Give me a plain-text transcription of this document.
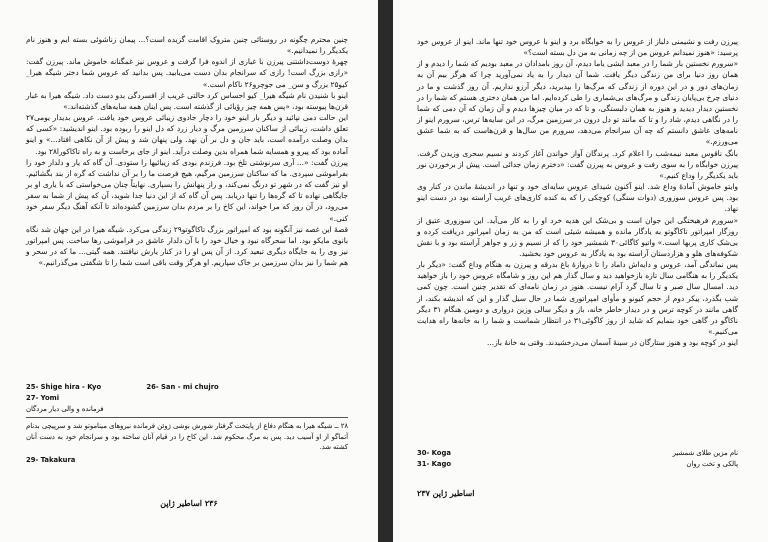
چنین محترم چگونه در روستائی چنین متروک اقامت گزیده است؟... پیمان زناشوئی بسته ایم و هنوز نام یکدیگر را نمیدانیم.»

چهرهٔ دوست‌داشتنی پیرزن با غباری از اندوه فرا گرفت و عروس نیز غمگنانه خاموش ماند. پیرزن گفت: «رازی بزرگ است! رازی که سرانجام بدان دست می‌یابید. پس بدانید که عروس شما دختر شیگه هیرا_ کیو۲۵ بزرگ و سن_ می جوچرو۲۶ ناکام است.»

اینو با شنیدن نام شیگه هیرا_ کیو احساس کرد حالتی غریب از افسردگی بدو دست داد. شیگه هیرا به غبار قرن‌ها پیوسته بود، «پس همه چیز رؤیائی از گذشته است. پس اینان همه سایه‌های گذشته‌اند.»

این حالت دمی نپائید و دیگر بار اینو خود را دچار جادوی زیبائی عروس خود یافت. عروس بدیدار یومی۲۷ تعلق داشت، زیبائی از ساکنان سرزمین مرگ و دیار زرد که دل اینو را ربوده بود. اینو اندیشید: «کسی که بدان وصلت درآمده است، باید جان و دل بر آن نهد. ولی پنهان شد و پیش از آن نکاهی افتاد...» و اینو آماده بود که پیرو و همسایه شما همراه بدین وصلت درآید. اینو از جای برخاست و به راه تاکاکورا۲۸ بود.

پیرزن گفت: «... آری سرنوشتی تلخ بود. فرزندم بودی که زیبائیها را ستودی. آن گاه که یار و دلدار خود را بفراموشی سپردی. ما که ساکنان سرزمین مرگیم، هیچ فرصت ما را بر آن نداشت که گره از بند بگشائیم. او نیز گفت که در شهر تو درنگ نمی‌کند، و راز پنهانش را بسپاری. نهایتاً چنان می‌خواستی که با یاری او بر جایگاهی نهاده تا که گره‌ها را تنها دریابد. پس آن گاه که از این دنیا جدا شوید، آن که پیش از شما به سفر می‌رود، در آن روز که مرا خواند، این کاخ را بر مردم بدان سرزمین گشوده‌اند تا آنکه آهنگ دیگر سفر خود کنی.»

قصهٔ این غصه نیز آنگونه بود که امپراتور بزرگ تاکاگوتو۲۹ زندگی می‌کرد. شیگه هیرا در این جهان شد نگاه بانوی مایکو بود. اما سحرگاه نبود و خیال خود را با آن دلدار عاشق در فراموشی رها ساخت. پس امپراتور نیز وی را به جایگاه دیگری تبعید کرد. از آن پس او را در کنار یارش نیافتند. همه گیتی... ما که در سحر و هم شما را نیز بدان سرزمین بر خاک سپاریم. او هرگز وقت باقی است شما را تا شگفتی می‌گذرانیم.»

25- Shige hira - Kyo	26- San - mi chujro
27- Yomi
فرمانده و والی دیار مردگان
۲۸ ــ شیگه هیرا به هنگام دفاع از پایتخت گرفتار شورش بوشی ژوئن فرمانده نیروهای میناموتو شد و سرپیچی بدنام آتماگو از او آسیب دید. پس به مرگ محکوم شد. این کاخ را در قیام آنان ساخته بود و سرانجام خود به دست آنان کشته شد.
29- Takakura
۲۳۶ اساطیر ژاپن

پیرزن رفت و نشیمنی دلباز از عروس را به خوابگاه برد و اینو با عروس خود تنها ماند. اینو از عروس خود پرسید: «هنوز نمیدانم عروس من از چه زمانی به من دل بسته است؟»

«سرورم نخستین بار شما را در معبد ایشی یاما دیدم، آن روز بامدادان در معبد بودیم که شما را دیدم و از همان روز دنیا برای من زندگی دیگر یافت. شما آن دیدار را به یاد نمی‌آورید چرا که هرگز بیم آن به زمان‌های دور و در این دوره از زندگی که مرگ‌ها را بپذیرید، دیگر آرزو نداریم. آن روز گذشت و ما در دنیای چرخ بی‌پایان زندگی و مرگ‌های بی‌شماری را طی کرده‌ایم. اما من همان دختری هستم که شما را در نخستین دیدار دیدید و هنوز به همان دلبستگی، و تا که در میان چیزها دیدم و آن زمان که آن دمی که شما را در نگاهی دیدم، شاد را و تا که مانند تو دل درون در سرزمین مرگ، در این سایه‌ها ترس، سرورم اینو از نامه‌های عاشق دانستم که چه آن سرانجام می‌دهد، سرورم من سال‌ها و قرن‌هاست که به شما عشق می‌ورزم.»

بانگ ناقوس معبد نیمه‌شب را اعلام کرد. پرندگان آواز خواندن آغاز کردند و نسیم سحری وزیدن گرفت. پیرزن خوابگاه را به سوی رفت و عروس به پیرزن گفت: «دخترم زمان جدائی است. پیش از برخوردن نور باید یکدیگر را وداع کنیم.»

وایتو خاموش آمادهٔ وداع شد. اینو آکنون شیدای عروس سایه‌ای خود و تنها در اندیشهٔ ماندن در کنار وی بود. پس عروس سوزوری (دوات سنگی) کوچکی را که به کنده کاری‌های غریب آراسته بود در دست اینو نهاد.

«سرورم فرهیختگی این جوان است و بی‌شک این هدیه خرد او را به کار می‌آید. این سوزوری عتیق از روزگار امپراتور تاکاگوتو به یادگار مانده و همیشه شیئی است که من به زمان امپراتور دریافت کرده و بی‌شک کاری پربها است.» واتیو کاگائی۳۰ شمشیر خود را که از نسیم و زر و جواهر آراسته بود و با نقش شکوفه‌های هلو و هزاردستان آراسته بود به یادگار به عروس خود بخشید.

پس نماندگی آمد، عروس و دایه‌اش داماد را تا دروازهٔ باغ بدرقه و پیرزن به هنگام وداع گفت: «دیگر بار یکدیگر را به هنگامی سال تازه بازخواهید دید و سال گذار هم این روز و شامگاه عروس خود را باز خواهید دید. امسال سال صبر و تا سال گرد آرام نیست. هنوز در زمان نامه‌ای که تقدیر چنین است. چون کمی شب بگذرد، پیکر دوم از حجم کیونو و مأوای امپراتوری شما در حال سیل گذار و این که اندیشه بکند، از گاهی مانند در کوچه ترس و در دیدار خاطر خانه، باز و دیگر سالی وزین درواری و دومین هنگام ۳۱ دیگر ناکاگو در گاهی خود بنمایم که شاید از روز کاگوئی۳۱ در انتظار شماست و شما را به خانه‌ها راه هدایت می‌کنیم.»

اینو در کوچه بود و هنوز ستارگان در سینهٔ آسمان می‌درخشیدند. وقتی به خانهٔ باز...

30- Koga	نام مزین طلای شمشیر
31- Kago	پالکی و تخت روان
اساطیر ژاپن ۲۳۷
